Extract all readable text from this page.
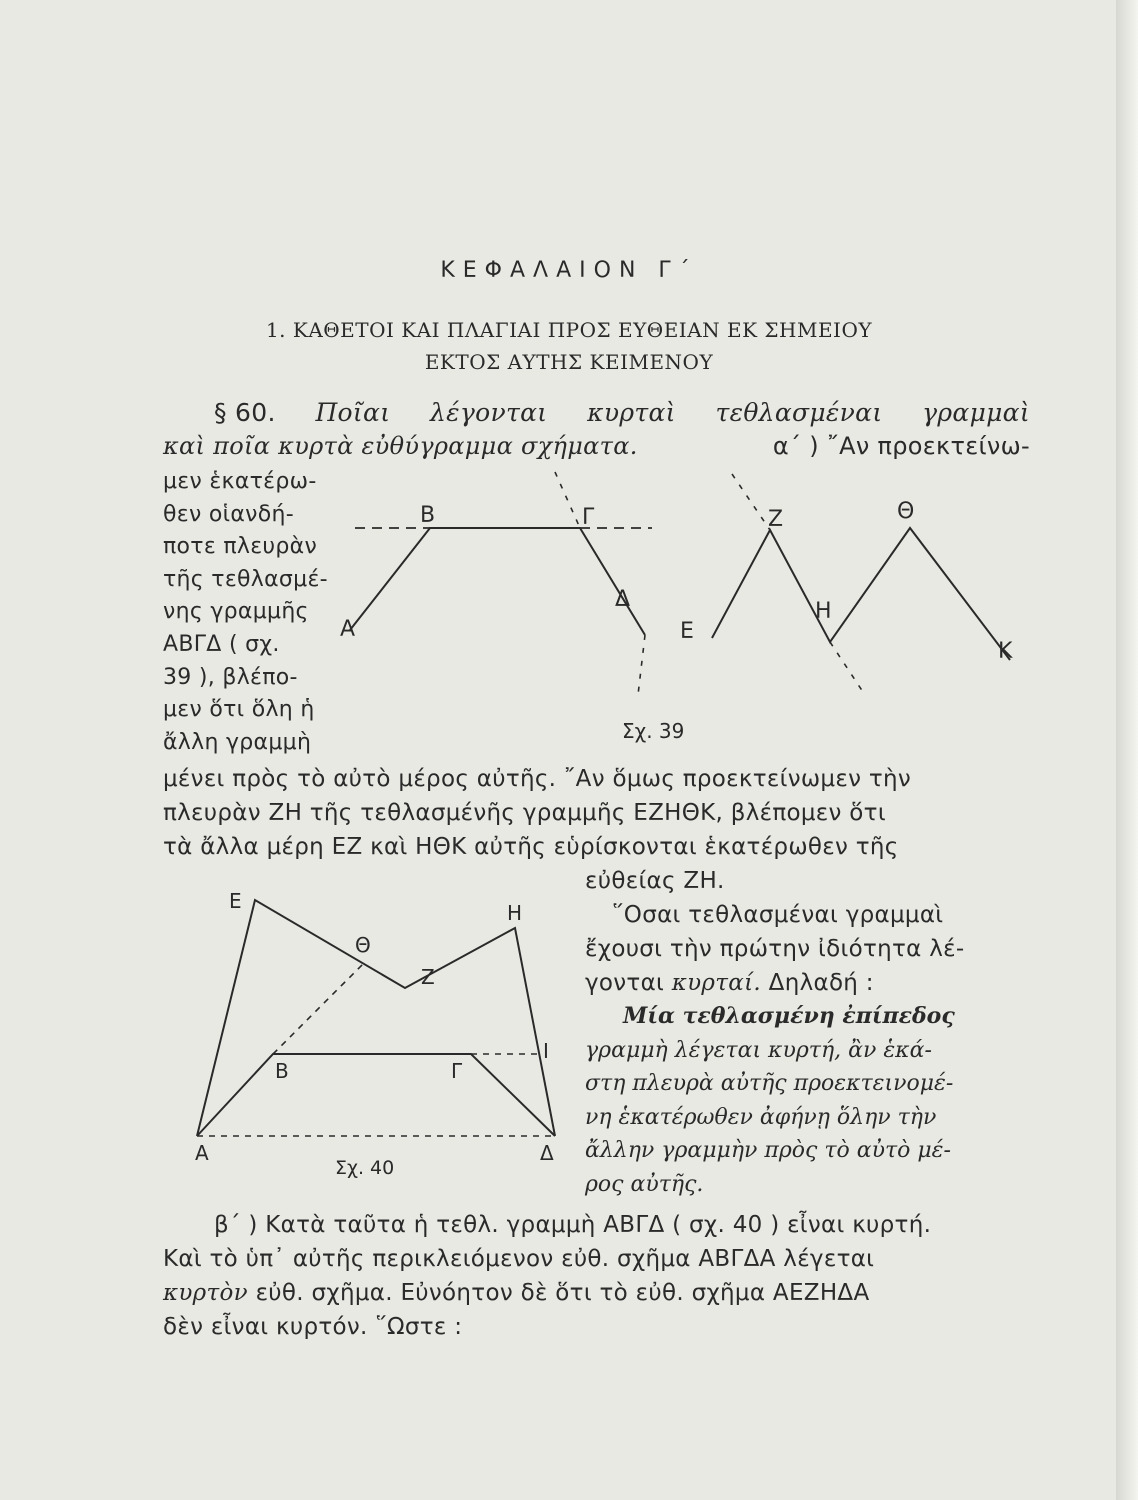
ΚΕΦΑΛΑΙΟΝ Γ΄
1. ΚΑΘΕΤΟΙ ΚΑΙ ΠΛΑΓΙΑΙ ΠΡΟΣ ΕΥΘΕΙΑΝ ΕΚ ΣΗΜΕΙΟΥ
ΕΚΤΟΣ ΑΥΤΗΣ ΚΕΙΜΕΝΟΥ
§ 60. Ποῖαι λέγονται κυρταὶ τεθλασμέναι γραμμαὶ
καὶ ποῖα κυρτὰ εὐθύγραμμα σχήματα.	α΄ ) ῎Αν προεκτείνω-
μεν ἑκατέρω-
θεν οἱανδή-
ποτε πλευρὰν
τῆς τεθλασμέ-
νης γραμμῆς
ΑΒΓΔ ( σχ.
39 ), βλέπο-
μεν ὅτι ὅλη ἡ
ἄλλη γραμμὴ
Α
Β	Γ
Δ
Ε
Ζ
Η
Θ
Κ
Σχ. 39
μένει πρὸς τὸ αὐτὸ μέρος αὐτῆς. ῎Αν ὅμως προεκτείνωμεν τὴν
πλευρὰν ΖΗ τῆς τεθλασμένῆς γραμμῆς ΕΖΗΘΚ, βλέπομεν ὅτι
τὰ ἄλλα μέρη ΕΖ καὶ ΗΘΚ αὐτῆς εὑρίσκονται ἑκατέρωθεν τῆς
Ε
Θ
Ζ
Η
Β	Γ
Ι
Α	Δ
Σχ. 40
εὐθείας ΖΗ.
῞Οσαι τεθλασμέναι γραμμαὶ
ἔχουσι τὴν πρώτην ἰδιότητα λέ-
γονται κυρταί. Δηλαδή :
Μία τεθλασμένη ἐπίπεδος
γραμμὴ λέγεται κυρτή, ἂν ἑκά-
στη πλευρὰ αὐτῆς προεκτεινομέ-
νη ἑκατέρωθεν ἀφήνῃ ὅλην τὴν
ἄλλην γραμμὴν πρὸς τὸ αὐτὸ μέ-
ρος αὐτῆς.
β΄ ) Κατὰ ταῦτα ἡ τεθλ. γραμμὴ ΑΒΓΔ ( σχ. 40 ) εἶναι κυρτή.
Καὶ τὸ ὑπ᾽ αὐτῆς περικλειόμενον εὐθ. σχῆμα ΑΒΓΔΑ λέγεται
κυρτὸν εὐθ. σχῆμα. Εὐνόητον δὲ ὅτι τὸ εὐθ. σχῆμα ΑΕΖΗΔΑ
δὲν εἶναι κυρτόν. ῞Ωστε :
